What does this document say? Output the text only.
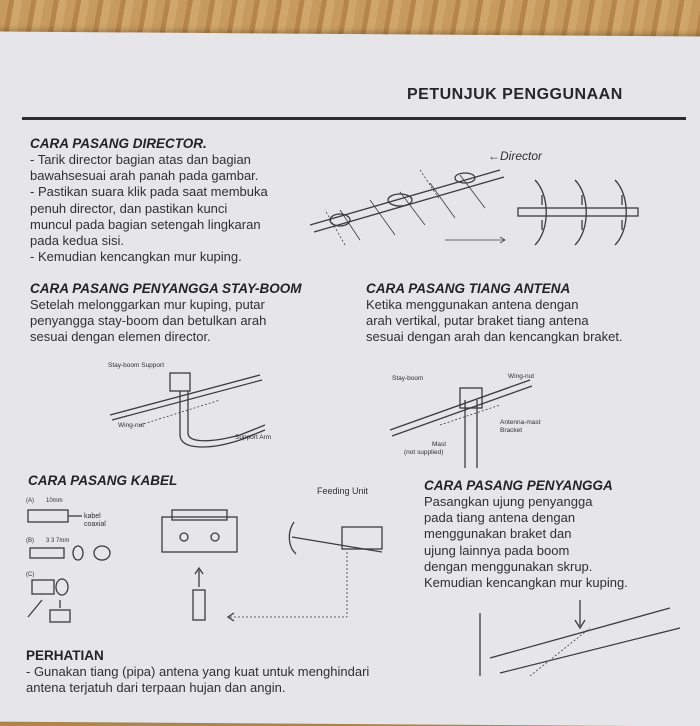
PETUNJUK PENGGUNAAN
CARA PASANG DIRECTOR.
- Tarik director bagian atas dan bagian
bawahsesuai arah panah pada gambar.
- Pastikan suara klik pada saat membuka
penuh director, dan pastikan kunci
muncul pada bagian setengah lingkaran
pada kedua sisi.
- Kemudian kencangkan mur kuping.
←Director
CARA PASANG PENYANGGA STAY-BOOM
Setelah melonggarkan mur kuping, putar
penyangga stay-boom dan betulkan arah
sesuai dengan elemen director.
Stay-boom Support
Wing-nut
Support Arm
CARA PASANG TIANG ANTENA
Ketika menggunakan antena dengan
arah vertikal, putar braket tiang antena
sesuai dengan arah dan kencangkan braket.
Stay-boom	Wing-nut
Antenna-mast
Bracket
Mast
(not supplied)
CARA PASANG KABEL
(A) 10mm
kabel
coaxial
(B) 3 3 7mm
(C)
Feeding Unit	CARA PASANG PENYANGGA
Pasangkan ujung penyangga
pada tiang antena dengan
menggunakan braket dan
ujung lainnya pada boom
dengan menggunakan skrup.
Kemudian kencangkan mur kuping.
PERHATIAN
- Gunakan tiang (pipa) antena yang kuat untuk menghindari
antena terjatuh dari terpaan hujan dan angin.
